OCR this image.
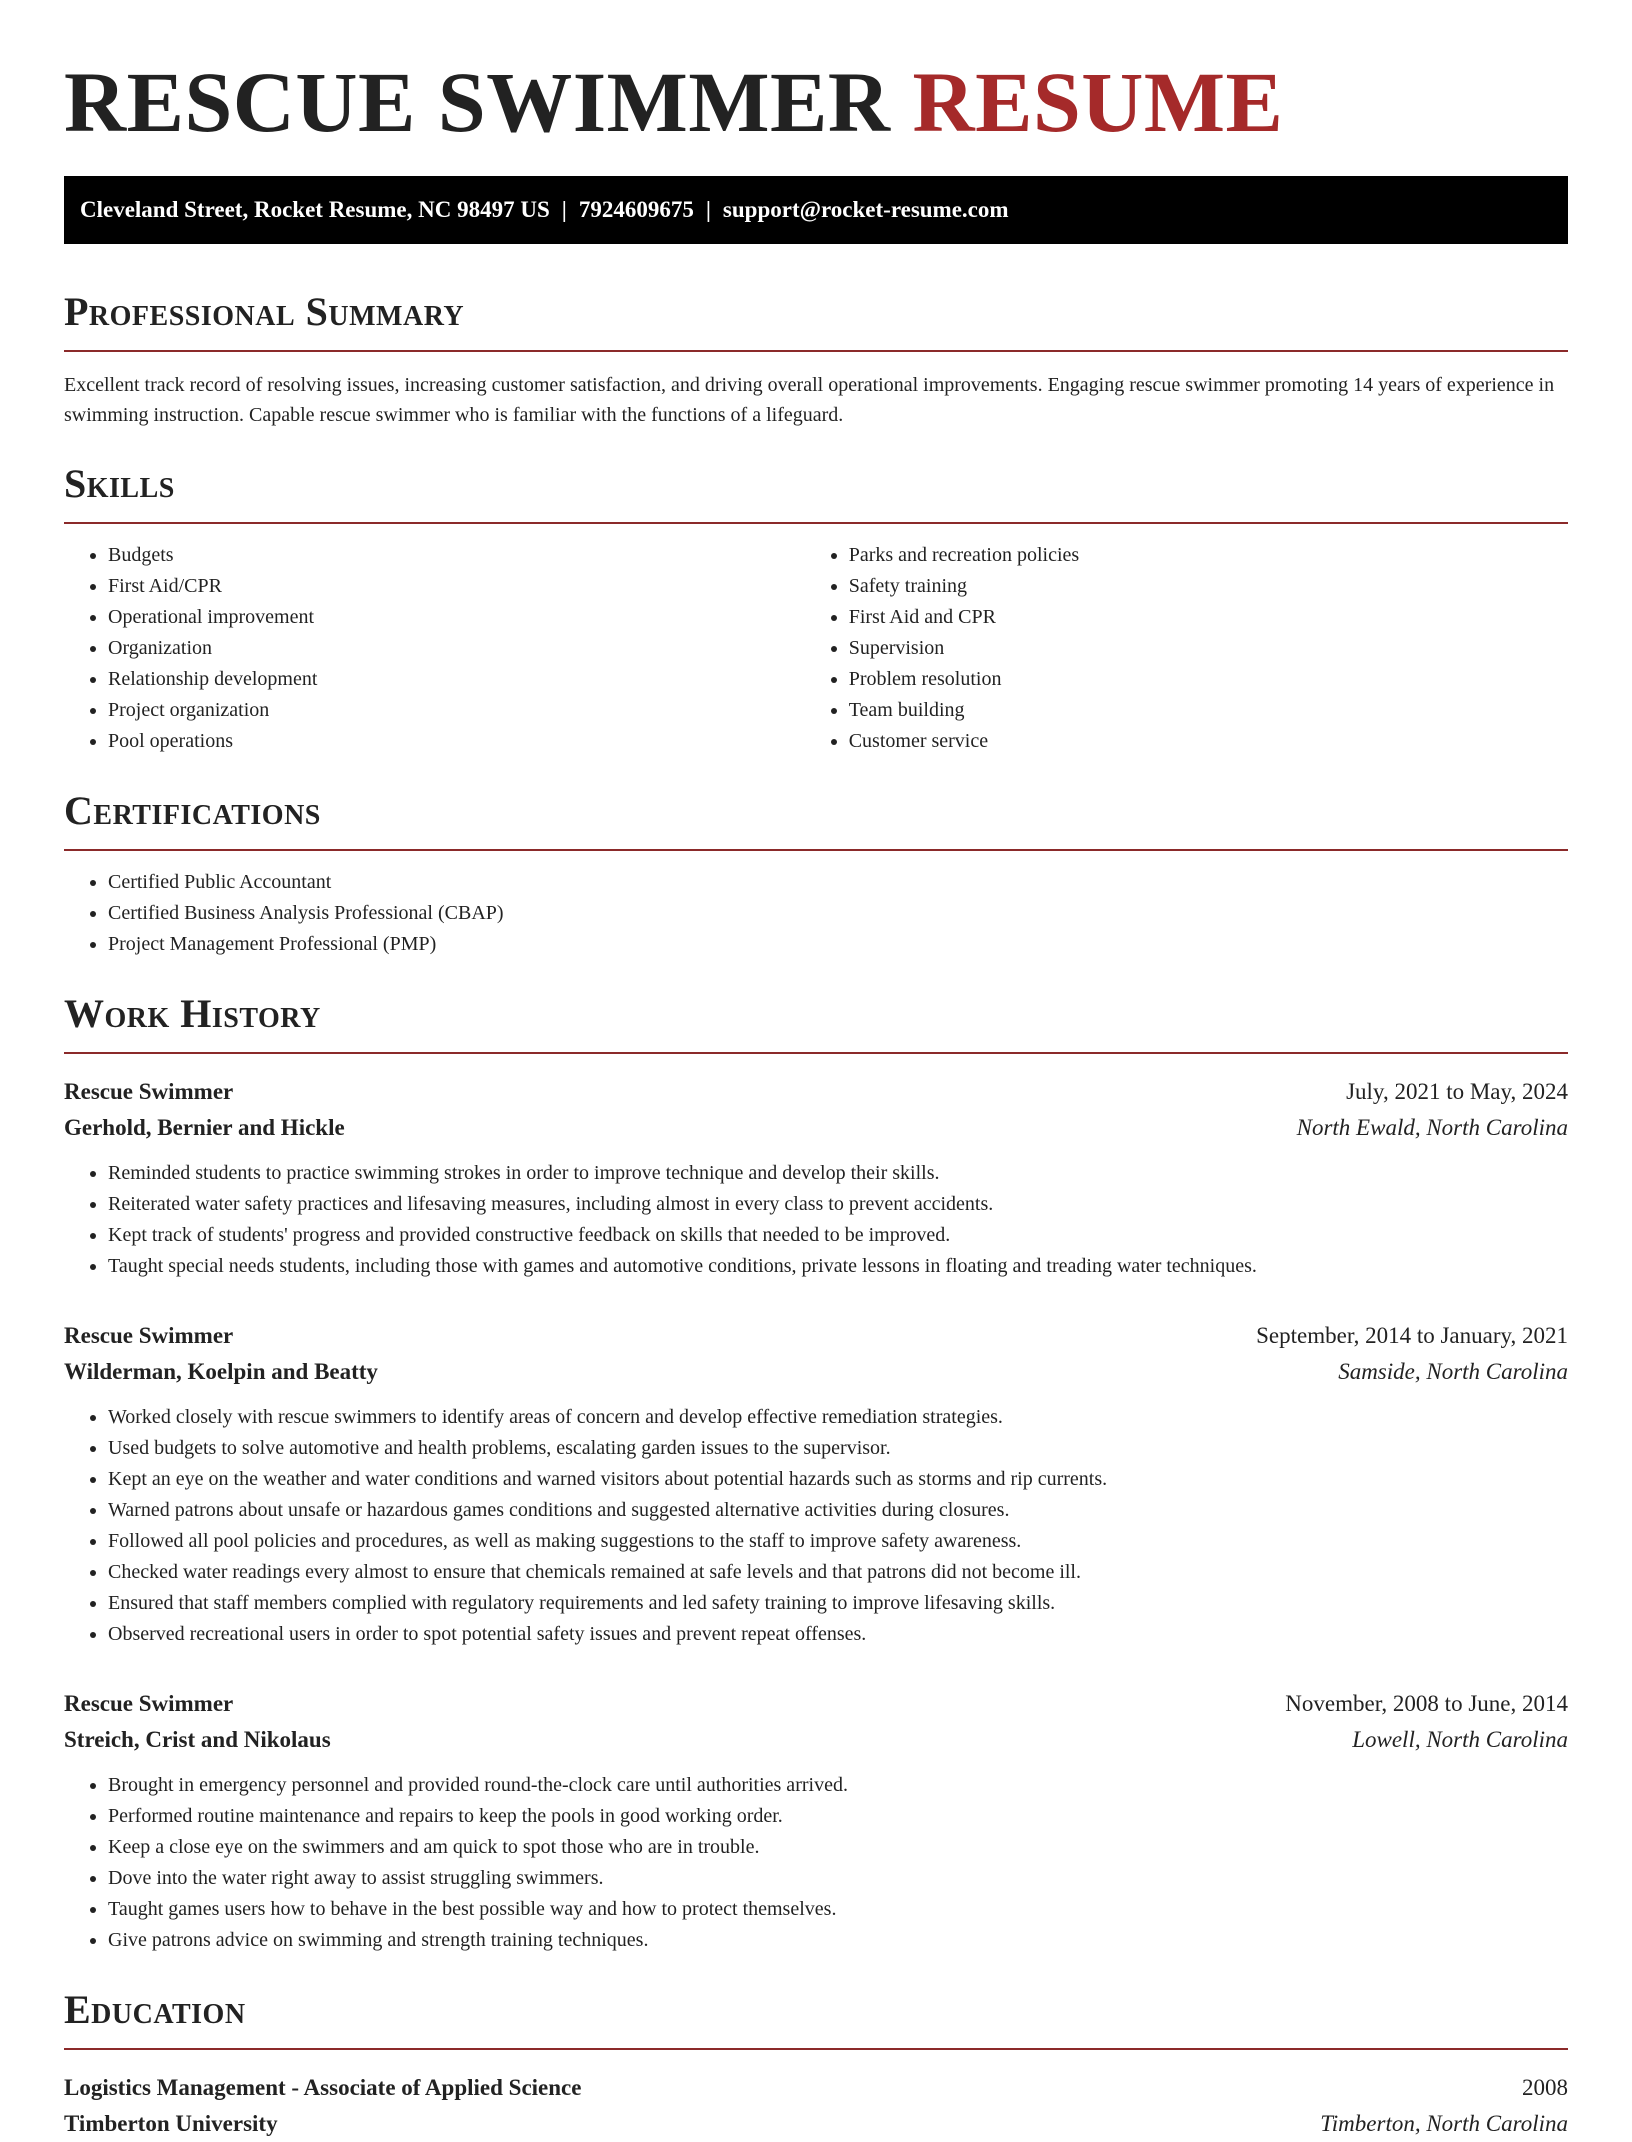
RESCUE SWIMMER RESUME
Cleveland Street, Rocket Resume, NC 98497 US | 7924609675 | support@rocket-resume.com
Professional Summary

Excellent track record of resolving issues, increasing customer satisfaction, and driving overall operational improvements. Engaging rescue swimmer promoting 14 years of experience in swimming instruction. Capable rescue swimmer who is familiar with the functions of a lifeguard.

Skills
• Budgets
• First Aid/CPR
• Operational improvement
• Organization
• Relationship development
• Project organization
• Pool operations
• Parks and recreation policies
• Safety training
• First Aid and CPR
• Supervision
• Problem resolution
• Team building
• Customer service
Certifications
• Certified Public Accountant
• Certified Business Analysis Professional (CBAP)
• Project Management Professional (PMP)
Work History
Rescue Swimmer	July, 2021 to May, 2024
Gerhold, Bernier and Hickle	North Ewald, North Carolina
• Reminded students to practice swimming strokes in order to improve technique and develop their skills.
• Reiterated water safety practices and lifesaving measures, including almost in every class to prevent accidents.
• Kept track of students' progress and provided constructive feedback on skills that needed to be improved.
• Taught special needs students, including those with games and automotive conditions, private lessons in floating and treading water techniques.
Rescue Swimmer	September, 2014 to January, 2021
Wilderman, Koelpin and Beatty	Samside, North Carolina
• Worked closely with rescue swimmers to identify areas of concern and develop effective remediation strategies.
• Used budgets to solve automotive and health problems, escalating garden issues to the supervisor.
• Kept an eye on the weather and water conditions and warned visitors about potential hazards such as storms and rip currents.
• Warned patrons about unsafe or hazardous games conditions and suggested alternative activities during closures.
• Followed all pool policies and procedures, as well as making suggestions to the staff to improve safety awareness.
• Checked water readings every almost to ensure that chemicals remained at safe levels and that patrons did not become ill.
• Ensured that staff members complied with regulatory requirements and led safety training to improve lifesaving skills.
• Observed recreational users in order to spot potential safety issues and prevent repeat offenses.
Rescue Swimmer	November, 2008 to June, 2014
Streich, Crist and Nikolaus	Lowell, North Carolina
• Brought in emergency personnel and provided round-the-clock care until authorities arrived.
• Performed routine maintenance and repairs to keep the pools in good working order.
• Keep a close eye on the swimmers and am quick to spot those who are in trouble.
• Dove into the water right away to assist struggling swimmers.
• Taught games users how to behave in the best possible way and how to protect themselves.
• Give patrons advice on swimming and strength training techniques.
Education
Logistics Management - Associate of Applied Science	2008
Timberton University	Timberton, North Carolina
